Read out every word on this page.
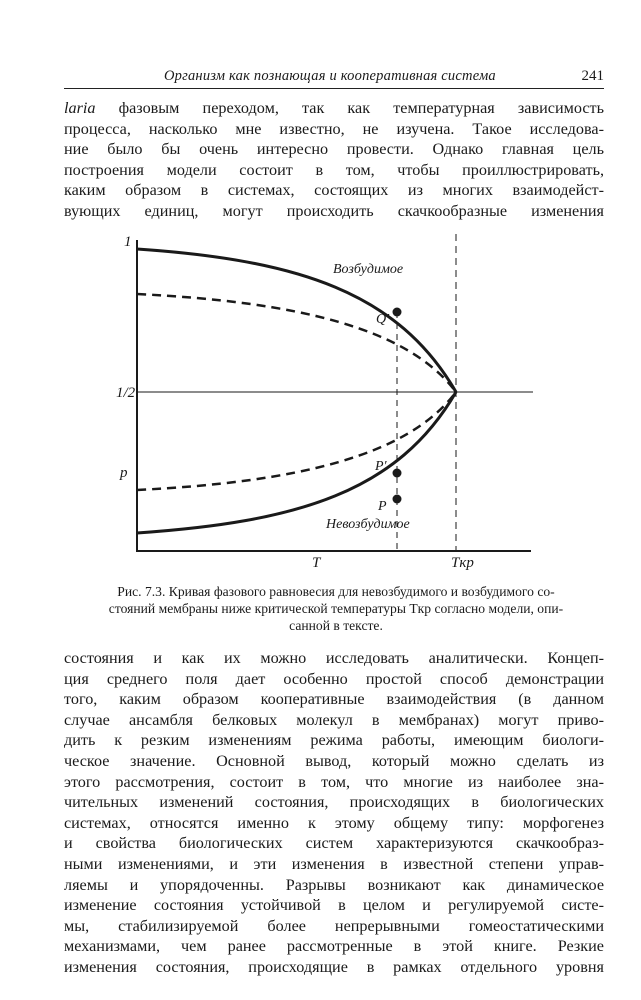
Организм как познающая и кооперативная система	241
laria фазовым переходом, так как температурная зависимость
процесса, насколько мне известно, не изучена. Такое исследова-
ние было бы очень интересно провести. Однако главная цель
построения модели состоит в том, чтобы проиллюстрировать,
каким образом в системах, состоящих из многих взаимодейст-
вующих единиц, могут происходить скачкообразные изменения
1
1/2
p
T	Tкр
Возбудимое
Невозбудимое
Q′
P′
P
Рис. 7.3. Кривая фазового равновесия для невозбудимого и возбудимого со-
стояний мембраны ниже критической температуры Tкр согласно модели, опи-
санной в тексте.
состояния и как их можно исследовать аналитически. Концеп-
ция среднего поля дает особенно простой способ демонстрации
того, каким образом кооперативные взаимодействия (в данном
случае ансамбля белковых молекул в мембранах) могут приво-
дить к резким изменениям режима работы, имеющим биологи-
ческое значение. Основной вывод, который можно сделать из
этого рассмотрения, состоит в том, что многие из наиболее зна-
чительных изменений состояния, происходящих в биологических
системах, относятся именно к этому общему типу: морфогенез
и свойства биологических систем характеризуются скачкообраз-
ными изменениями, и эти изменения в известной степени управ-
ляемы и упорядоченны. Разрывы возникают как динамическое
изменение состояния устойчивой в целом и регулируемой систе-
мы, стабилизируемой более непрерывными гомеостатическими
механизмами, чем ранее рассмотренные в этой книге. Резкие
изменения состояния, происходящие в рамках отдельного уровня
